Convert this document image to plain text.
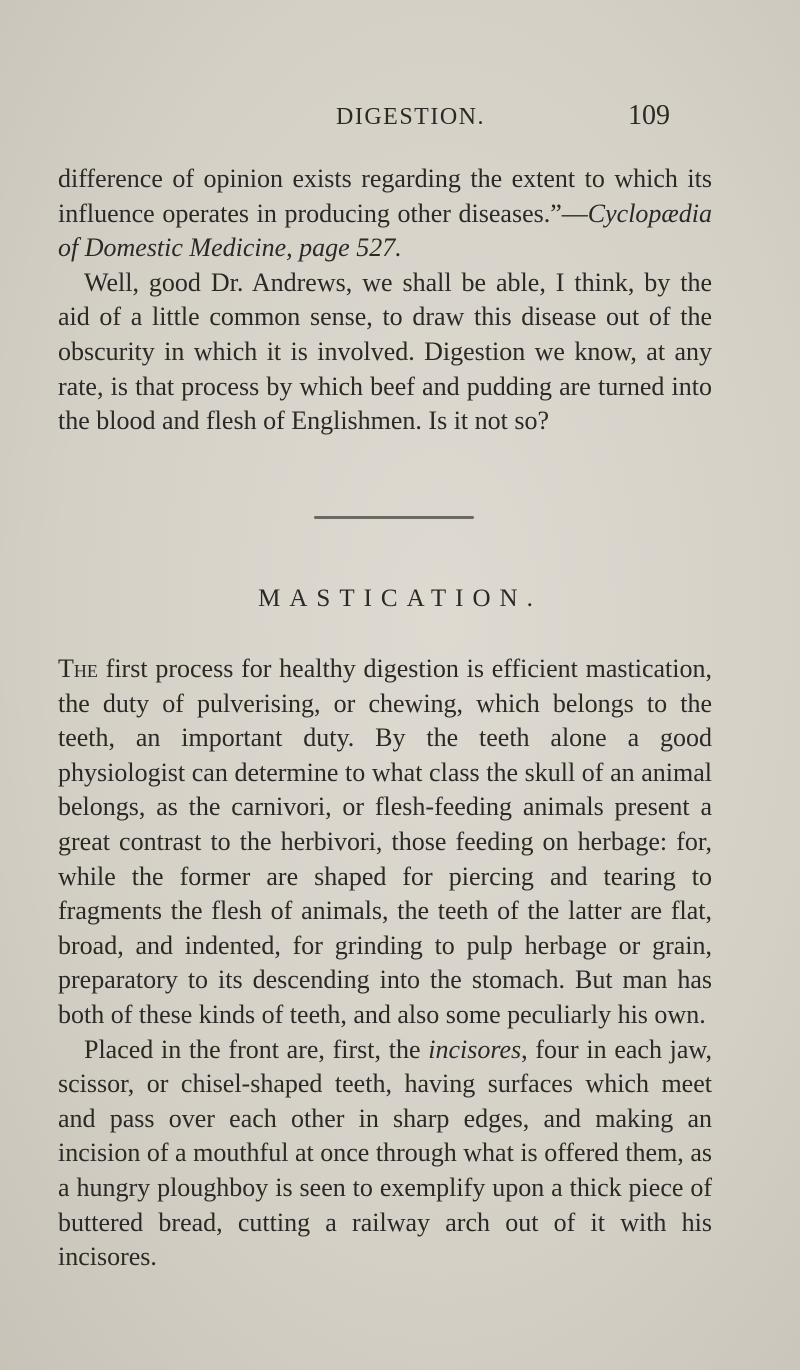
DIGESTION.	109

difference of opinion exists regarding the extent to which its influence operates in producing other diseases.”—Cyclopædia of Domestic Medicine, page 527.

Well, good Dr. Andrews, we shall be able, I think, by the aid of a little common sense, to draw this disease out of the obscurity in which it is involved. Digestion we know, at any rate, is that process by which beef and pudding are turned into the blood and flesh of Englishmen. Is it not so?

MASTICATION.

The first process for healthy digestion is efficient mastication, the duty of pulverising, or chewing, which belongs to the teeth, an important duty. By the teeth alone a good physiologist can determine to what class the skull of an animal belongs, as the carnivori, or flesh-feeding animals present a great contrast to the herbivori, those feeding on herbage: for, while the former are shaped for piercing and tearing to fragments the flesh of animals, the teeth of the latter are flat, broad, and indented, for grinding to pulp herbage or grain, preparatory to its descending into the stomach. But man has both of these kinds of teeth, and also some peculiarly his own.

Placed in the front are, first, the incisores, four in each jaw, scissor, or chisel-shaped teeth, having surfaces which meet and pass over each other in sharp edges, and making an incision of a mouthful at once through what is offered them, as a hungry ploughboy is seen to exemplify upon a thick piece of buttered bread, cutting a railway arch out of it with his incisores.
